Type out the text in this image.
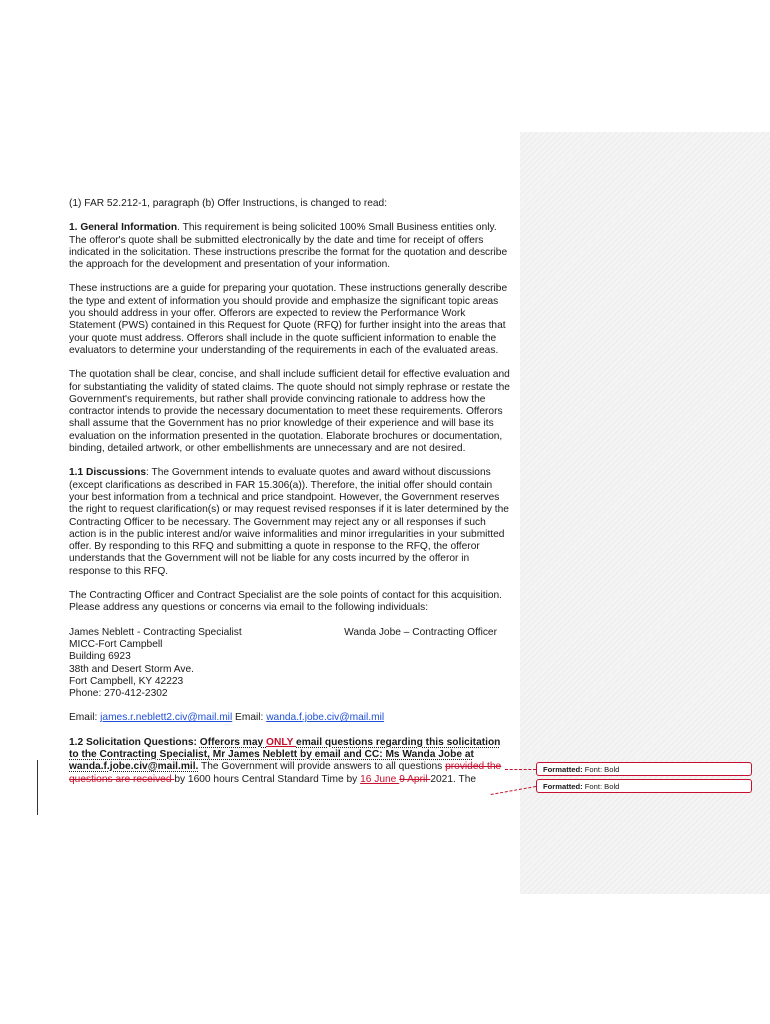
(1) FAR 52.212-1, paragraph (b) Offer Instructions, is changed to read:

1. General Information. This requirement is being solicited 100% Small Business entities only. The offeror's quote shall be submitted electronically by the date and time for receipt of offers indicated in the solicitation. These instructions prescribe the format for the quotation and describe the approach for the development and presentation of your information.

These instructions are a guide for preparing your quotation. These instructions generally describe the type and extent of information you should provide and emphasize the significant topic areas you should address in your offer. Offerors are expected to review the Performance Work Statement (PWS) contained in this Request for Quote (RFQ) for further insight into the areas that your quote must address. Offerors shall include in the quote sufficient information to enable the evaluators to determine your understanding of the requirements in each of the evaluated areas.

The quotation shall be clear, concise, and shall include sufficient detail for effective evaluation and for substantiating the validity of stated claims. The quote should not simply rephrase or restate the Government's requirements, but rather shall provide convincing rationale to address how the contractor intends to provide the necessary documentation to meet these requirements. Offerors shall assume that the Government has no prior knowledge of their experience and will base its evaluation on the information presented in the quotation. Elaborate brochures or documentation, binding, detailed artwork, or other embellishments are unnecessary and are not desired.

1.1 Discussions: The Government intends to evaluate quotes and award without discussions (except clarifications as described in FAR 15.306(a)). Therefore, the initial offer should contain your best information from a technical and price standpoint. However, the Government reserves the right to request clarification(s) or may request revised responses if it is later determined by the Contracting Officer to be necessary. The Government may reject any or all responses if such action is in the public interest and/or waive informalities and minor irregularities in your submitted offer. By responding to this RFQ and submitting a quote in response to the RFQ, the offeror understands that the Government will not be liable for any costs incurred by the offeror in response to this RFQ.

The Contracting Officer and Contract Specialist are the sole points of contact for this acquisition. Please address any questions or concerns via email to the following individuals:

James Neblett - Contracting Specialist
MICC-Fort Campbell
Building 6923
38th and Desert Storm Ave.
Fort Campbell, KY 42223
Phone: 270-412-2302
Wanda Jobe – Contracting Officer

Email: james.r.neblett2.civ@mail.mil Email: wanda.f.jobe.civ@mail.mil

1.2 Solicitation Questions: Offerors may ONLY email questions regarding this solicitation to the Contracting Specialist, Mr James Neblett by email and CC: Ms Wanda Jobe at wanda.f.jobe.civ@mail.mil. The Government will provide answers to all questions provided the questions are received by 1600 hours Central Standard Time by 16 June 9 April 2021. The

Formatted: Font: Bold
Formatted: Font: Bold
